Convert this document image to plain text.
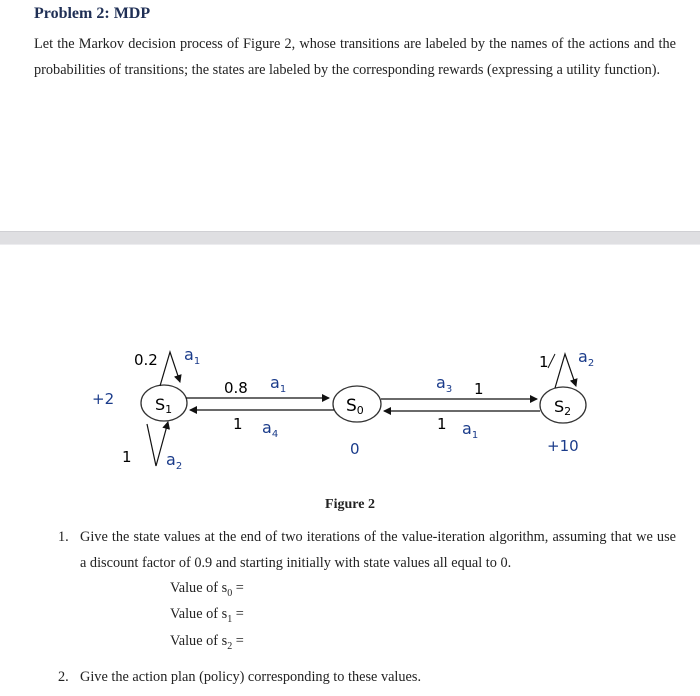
Problem 2: MDP
Let the Markov decision process of Figure 2, whose transitions are labeled by the names of the actions and the probabilities of transitions; the states are labeled by the corresponding rewards (expressing a utility function).
S1	S0	S2
+2
0	+10
0.2 $a_1$
1 $a_2$
0.8 $a_1$
1 $a_4$
$a_3$ 1
1 $a_1$
1 $a_2$
Figure 2
1. Give the state values at the end of two iterations of the value-iteration algorithm, assuming that we use a discount factor of 0.9 and starting initially with state values all equal to 0.
Value of $s_0$ =
Value of $s_1$ =
Value of $s_2$ =
2. Give the action plan (policy) corresponding to these values.
